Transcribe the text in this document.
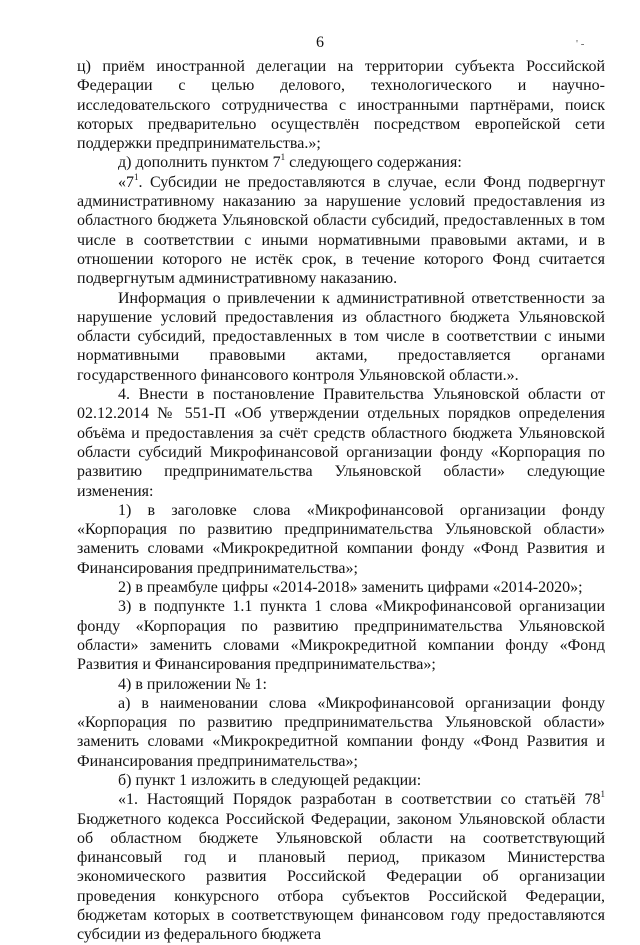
6	' -

ц) приём иностранной делегации на территории субъекта Российской Федерации с целью делового, технологического и научно-исследовательского сотрудничества с иностранными партнёрами, поиск которых предварительно осуществлён посредством европейской сети поддержки предпринимательства.»;

д) дополнить пунктом $7^1$ следующего содержания:

«$7^1$. Субсидии не предоставляются в случае, если Фонд подвергнут административному наказанию за нарушение условий предоставления из областного бюджета Ульяновской области субсидий, предоставленных в том числе в соответствии с иными нормативными правовыми актами, и в отношении которого не истёк срок, в течение которого Фонд считается подвергнутым административному наказанию.

Информация о привлечении к административной ответственности за нарушение условий предоставления из областного бюджета Ульяновской области субсидий, предоставленных в том числе в соответствии с иными нормативными правовыми актами, предоставляется органами государственного финансового контроля Ульяновской области.».

4. Внести в постановление Правительства Ульяновской области от 02.12.2014 № 551-П «Об утверждении отдельных порядков определения объёма и предоставления за счёт средств областного бюджета Ульяновской области субсидий Микрофинансовой организации фонду «Корпорация по развитию предпринимательства Ульяновской области» следующие изменения:

1) в заголовке слова «Микрофинансовой организации фонду «Корпорация по развитию предпринимательства Ульяновской области» заменить словами «Микрокредитной компании фонду «Фонд Развития и Финансирования предпринимательства»;

2) в преамбуле цифры «2014-2018» заменить цифрами «2014-2020»;

3) в подпункте 1.1 пункта 1 слова «Микрофинансовой организации фонду «Корпорация по развитию предпринимательства Ульяновской области» заменить словами «Микрокредитной компании фонду «Фонд Развития и Финансирования предпринимательства»;

4) в приложении № 1:

а) в наименовании слова «Микрофинансовой организации фонду «Корпорация по развитию предпринимательства Ульяновской области» заменить словами «Микрокредитной компании фонду «Фонд Развития и Финансирования предпринимательства»;

б) пункт 1 изложить в следующей редакции:

«1. Настоящий Порядок разработан в соответствии со статьёй $78^1$ Бюджетного кодекса Российской Федерации, законом Ульяновской области об областном бюджете Ульяновской области на соответствующий финансовый год и плановый период, приказом Министерства экономического развития Российской Федерации об организации проведения конкурсного отбора субъектов Российской Федерации, бюджетам которых в соответствующем финансовом году предоставляются субсидии из федерального бюджета
